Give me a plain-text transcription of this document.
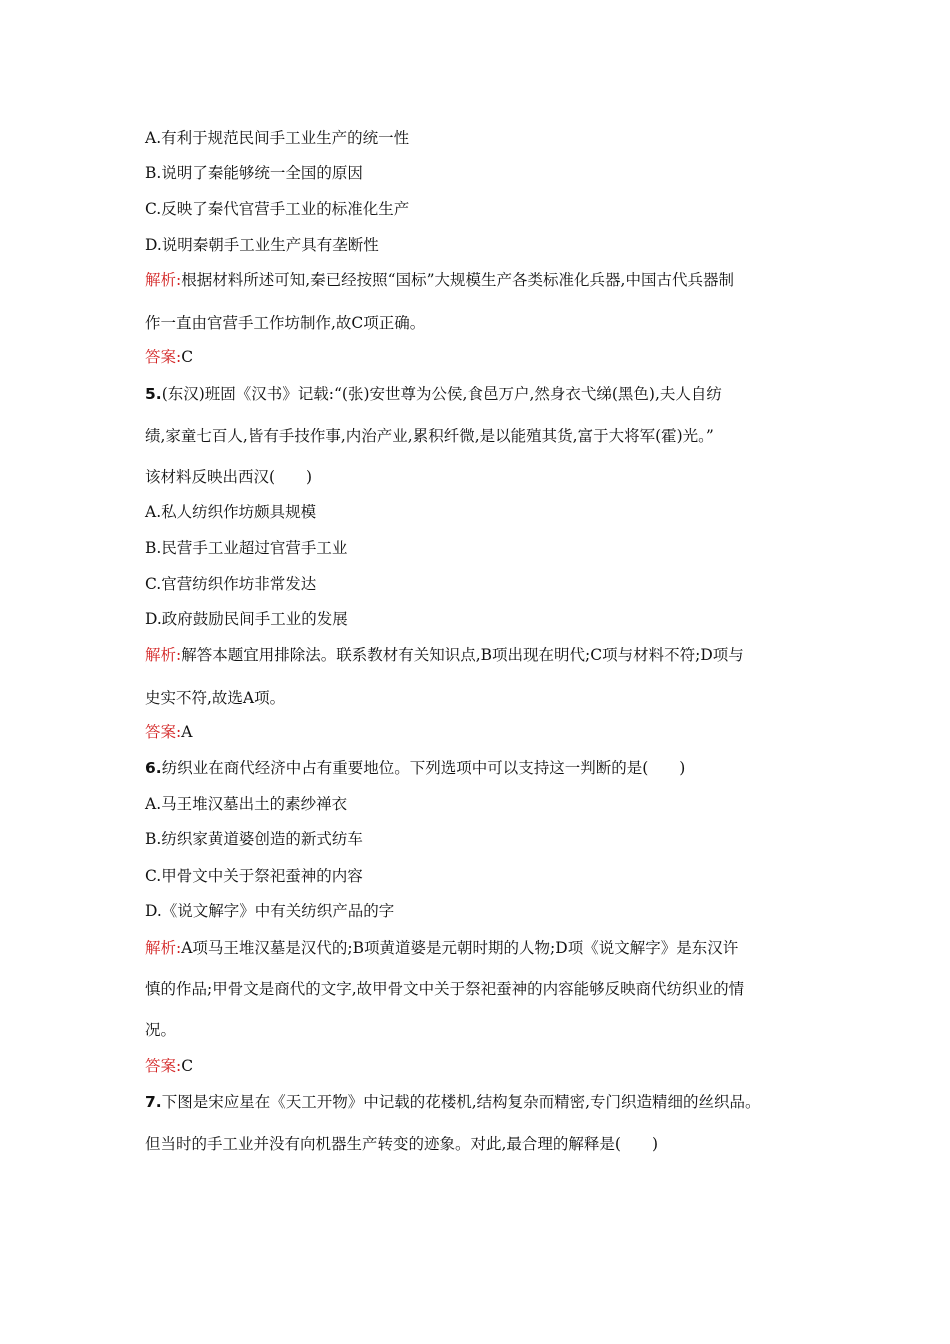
A.有利于规范民间手工业生产的统一性
B.说明了秦能够统一全国的原因
C.反映了秦代官营手工业的标准化生产
D.说明秦朝手工业生产具有垄断性
解析:根据材料所述可知,秦已经按照“国标”大规模生产各类标准化兵器,中国古代兵器制
作一直由官营手工作坊制作,故C项正确。
答案:C
5.(东汉)班固《汉书》记载:“(张)安世尊为公侯,食邑万户,然身衣弋绨(黑色),夫人自纺
绩,家童七百人,皆有手技作事,内治产业,累积纤微,是以能殖其货,富于大将军(霍)光。”
该材料反映出西汉(　　)
A.私人纺织作坊颇具规模
B.民营手工业超过官营手工业
C.官营纺织作坊非常发达
D.政府鼓励民间手工业的发展
解析:解答本题宜用排除法。联系教材有关知识点,B项出现在明代;C项与材料不符;D项与
史实不符,故选A项。
答案:A
6.纺织业在商代经济中占有重要地位。下列选项中可以支持这一判断的是(　　)
A.马王堆汉墓出土的素纱禅衣
B.纺织家黄道婆创造的新式纺车
C.甲骨文中关于祭祀蚕神的内容
D.《说文解字》中有关纺织产品的字
解析:A项马王堆汉墓是汉代的;B项黄道婆是元朝时期的人物;D项《说文解字》是东汉许
慎的作品;甲骨文是商代的文字,故甲骨文中关于祭祀蚕神的内容能够反映商代纺织业的情
况。
答案:C
7.下图是宋应星在《天工开物》中记载的花楼机,结构复杂而精密,专门织造精细的丝织品。
但当时的手工业并没有向机器生产转变的迹象。对此,最合理的解释是(　　)
